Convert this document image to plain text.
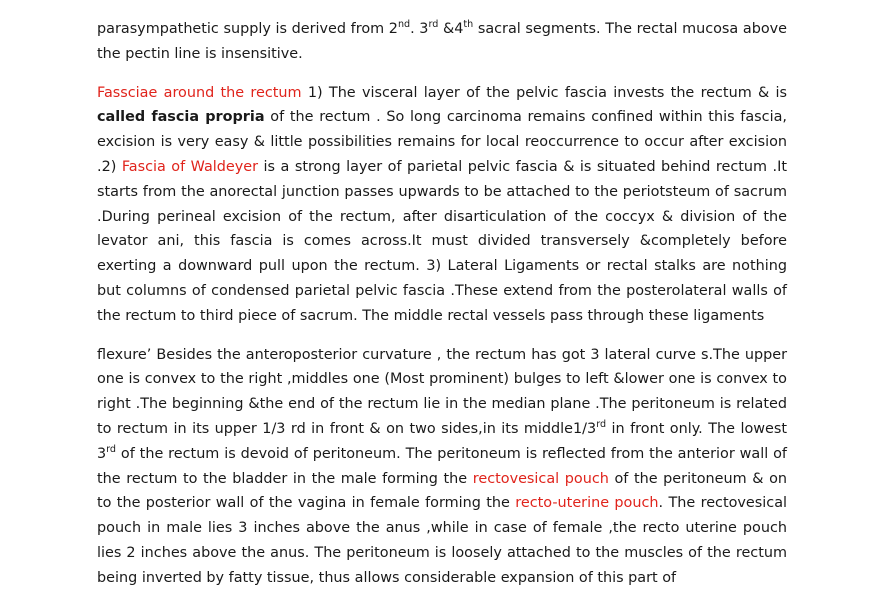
parasympathetic supply is derived from 2nd. 3rd &4th sacral segments. The rectal mucosa above the pectin line is insensitive.

Fassciae around the rectum 1) The visceral layer of the pelvic fascia invests the rectum & is called fascia propria of the rectum . So long carcinoma remains confined within this fascia, excision is very easy & little possibilities remains for local reoccurrence to occur after excision .2) Fascia of Waldeyer is a strong layer of parietal pelvic fascia & is situated behind rectum .It starts from the anorectal junction passes upwards to be attached to the periotsteum of sacrum .During perineal excision of the rectum, after disarticulation of the coccyx & division of the levator ani, this fascia is comes across.It must divided transversely &completely before exerting a downward pull upon the rectum. 3) Lateral Ligaments or rectal stalks are nothing but columns of condensed parietal pelvic fascia .These extend from the posterolateral walls of the rectum to third piece of sacrum. The middle rectal vessels pass through these ligaments

flexure’ Besides the anteroposterior curvature , the rectum has got 3 lateral curve s.The upper one is convex to the right ,middles one (Most prominent) bulges to left &lower one is convex to right .The beginning &the end of the rectum lie in the median plane .The peritoneum is related to rectum in its upper 1/3 rd in front & on two sides,in its middle1/3rd in front only. The lowest 3rd of the rectum is devoid of peritoneum. The peritoneum is reflected from the anterior wall of the rectum to the bladder in the male forming the rectovesical pouch of the peritoneum & on to the posterior wall of the vagina in female forming the recto-uterine pouch. The rectovesical pouch in male lies 3 inches above the anus ,while in case of female ,the recto uterine pouch lies 2 inches above the anus. The peritoneum is loosely attached to the muscles of the rectum being inverted by fatty tissue, thus allows considerable expansion of this part of
